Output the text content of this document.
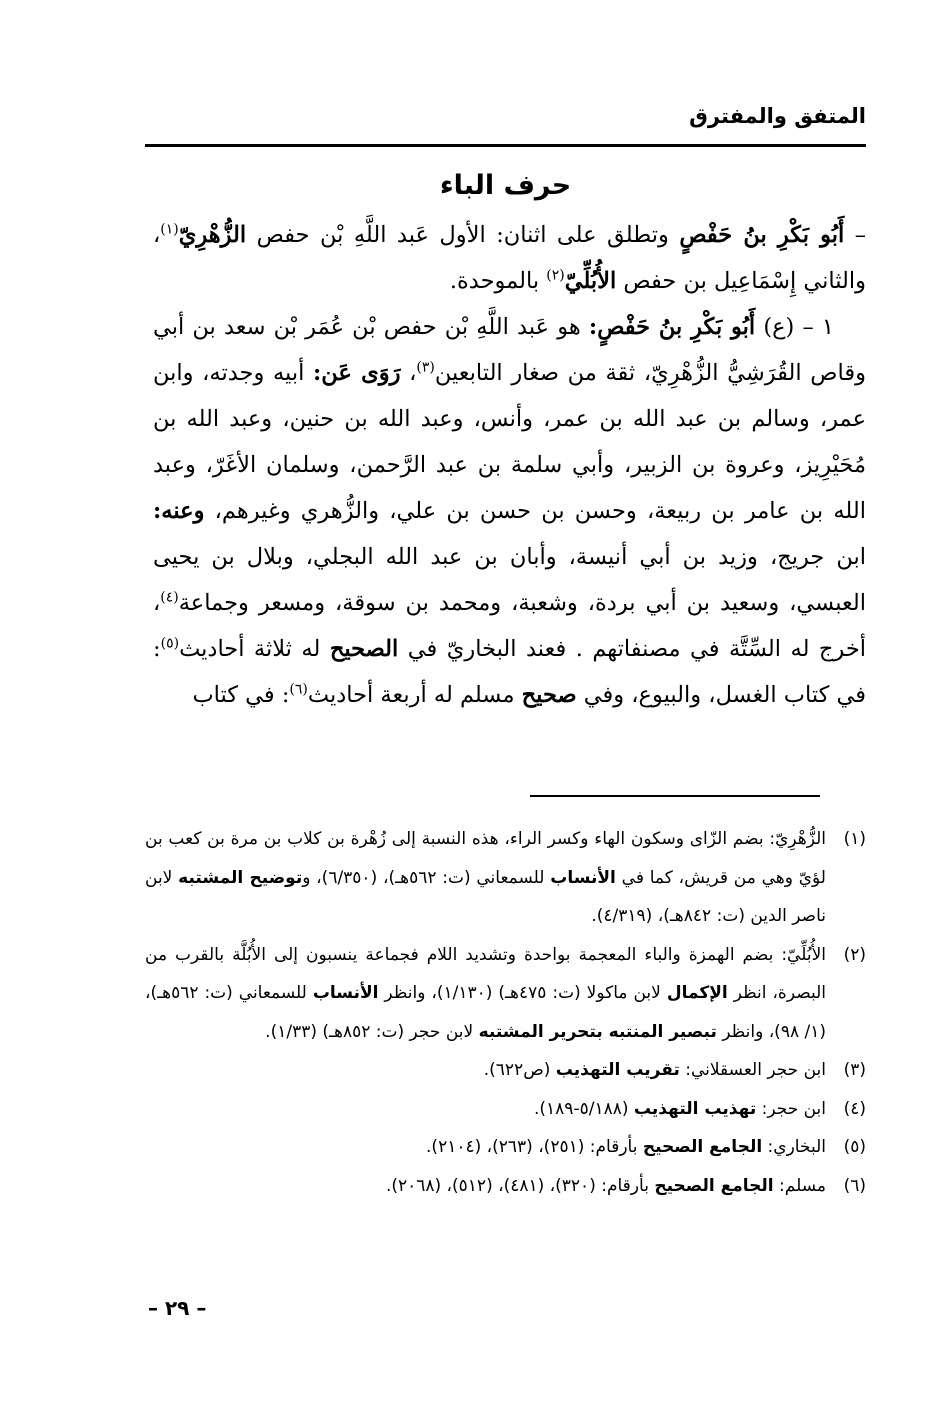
المتفق والمفترق
حرف الباء

– أَبُو بَكْرِ بنُ حَفْصٍ وتطلق على اثنان: الأول عَبد اللَّهِ بْن حفص الزُّهْرِيّ$^{(١)}$، والثاني إِسْمَاعِيل بن حفص الأُبُلِّيّ$^{(٢)}$ بالموحدة.

١ – (ع) أَبُو بَكْرِ بنُ حَفْصٍ: هو عَبد اللَّهِ بْن حفص بْن عُمَر بْن سعد بن أبي وقاص القُرَشِيُّ الزُّهْرِيّ، ثقة من صغار التابعين$^{(٣)}$، رَوَى عَن: أبيه وجدته، وابن عمر، وسالم بن عبد الله بن عمر، وأنس، وعبد الله بن حنين، وعبد الله بن مُحَيْرِيز، وعروة بن الزبير، وأبي سلمة بن عبد الرَّحمن، وسلمان الأغَرّ، وعبد الله بن عامر بن ربيعة، وحسن بن حسن بن علي، والزُّهري وغيرهم، وعنه: ابن جريج، وزيد بن أبي أنيسة، وأبان بن عبد الله البجلي، وبلال بن يحيى العبسي، وسعيد بن أبي بردة، وشعبة، ومحمد بن سوقة، ومسعر وجماعة$^{(٤)}$، أخرج له السِّتَّة في مصنفاتهم . فعند البخاريّ في الصحيح له ثلاثة أحاديث$^{(٥)}$: في كتاب الغسل، والبيوع، وفي صحيح مسلم له أربعة أحاديث$^{(٦)}$: في كتاب

(١)
الزُّهْرِيّ: بضم الزّاى وسكون الهاء وكسر الراء، هذه النسبة إلى زُهْرة بن كلاب بن مرة بن كعب بن لؤيّ وهي من قريش، كما في الأنساب للسمعاني (ت: ٥٦٢هـ)، (٦/٣٥٠)، وتوضيح المشتبه لابن ناصر الدين (ت: ٨٤٢هـ)، (٤/٣١٩).
(٢)
الأُبُلِّيّ: بضم الهمزة والباء المعجمة بواحدة وتشديد اللام فجماعة ينسبون إلى الأُبُلَّة بالقرب من البصرة، انظر الإكمال لابن ماكولا (ت: ٤٧٥هـ) (١/١٣٠)، وانظر الأنساب للسمعاني (ت: ٥٦٢هـ)، (١/ ٩٨)، وانظر تبصير المنتبه بتحرير المشتبه لابن حجر (ت: ٨٥٢هـ) (١/٣٣).
(٣)
ابن حجر العسقلاني: تقريب التهذيب (ص٦٢٢).
(٤)
ابن حجر: تهذيب التهذيب (٥/١٨٨-١٨٩).
(٥)
البخاري: الجامع الصحيح بأرقام: (٢٥١)، (٢٦٣)، (٢١٠٤).
(٦)
مسلم: الجامع الصحيح بأرقام: (٣٢٠)، (٤٨١)، (٥١٢)، (٢٠٦٨).
– ٢٩ –
